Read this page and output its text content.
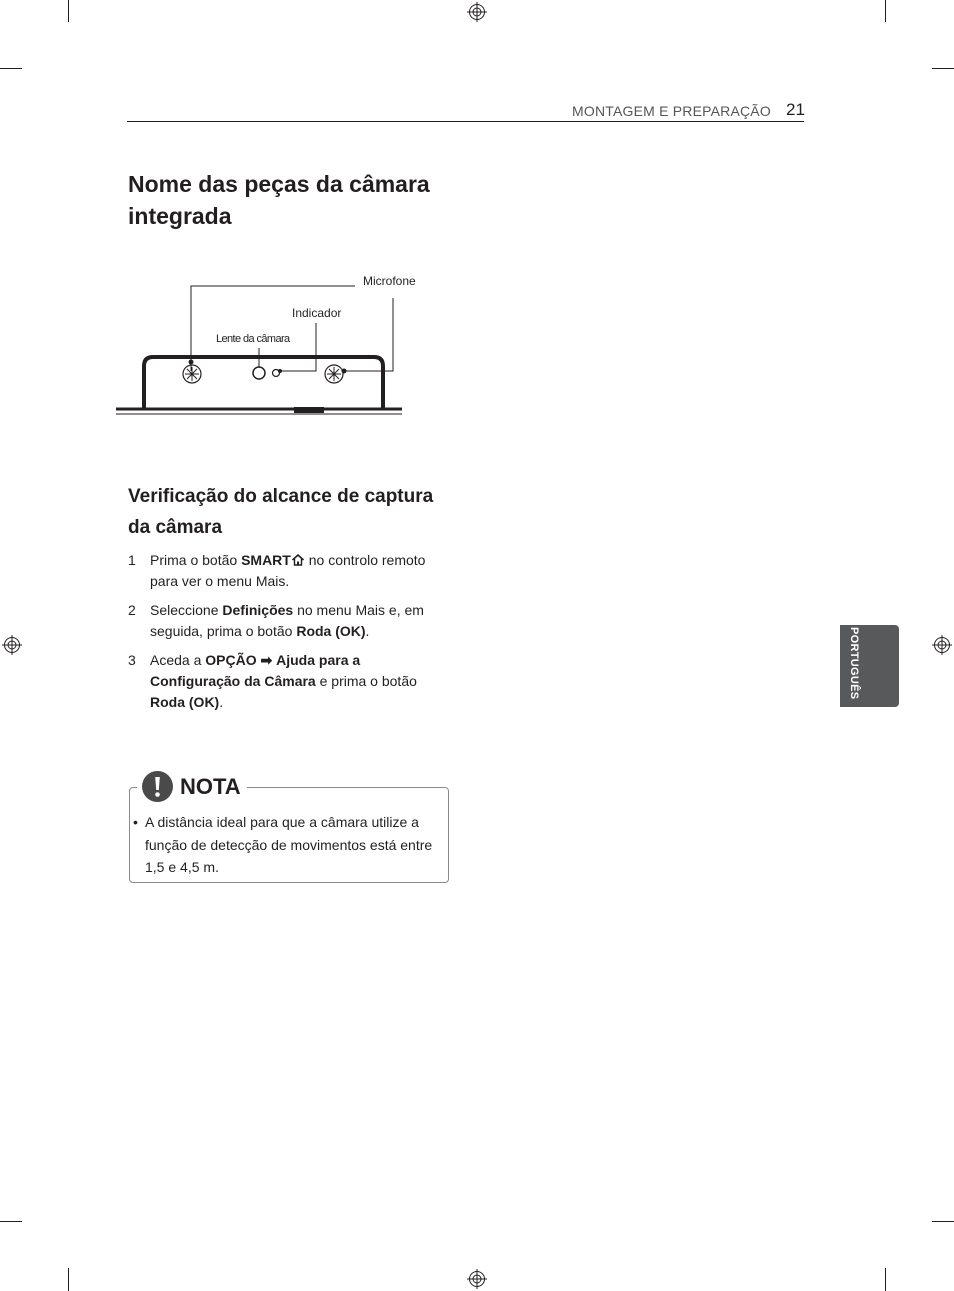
MONTAGEM E PREPARAÇÃO 21
Nome das peças da câmara integrada
Microfone
Indicador
Lente da câmara
Verificação do alcance de captura da câmara
1 Prima o botão SMART no controlo remoto para ver o menu Mais.
2 Seleccione Definições no menu Mais e, em seguida, prima o botão Roda (OK).
3 Aceda a OPÇÃO ➡ Ajuda para a Configuração da Câmara e prima o botão Roda (OK).
NOTA
• A distância ideal para que a câmara utilize a função de detecção de movimentos está entre 1,5 e 4,5 m.
PORTUGUÊS
